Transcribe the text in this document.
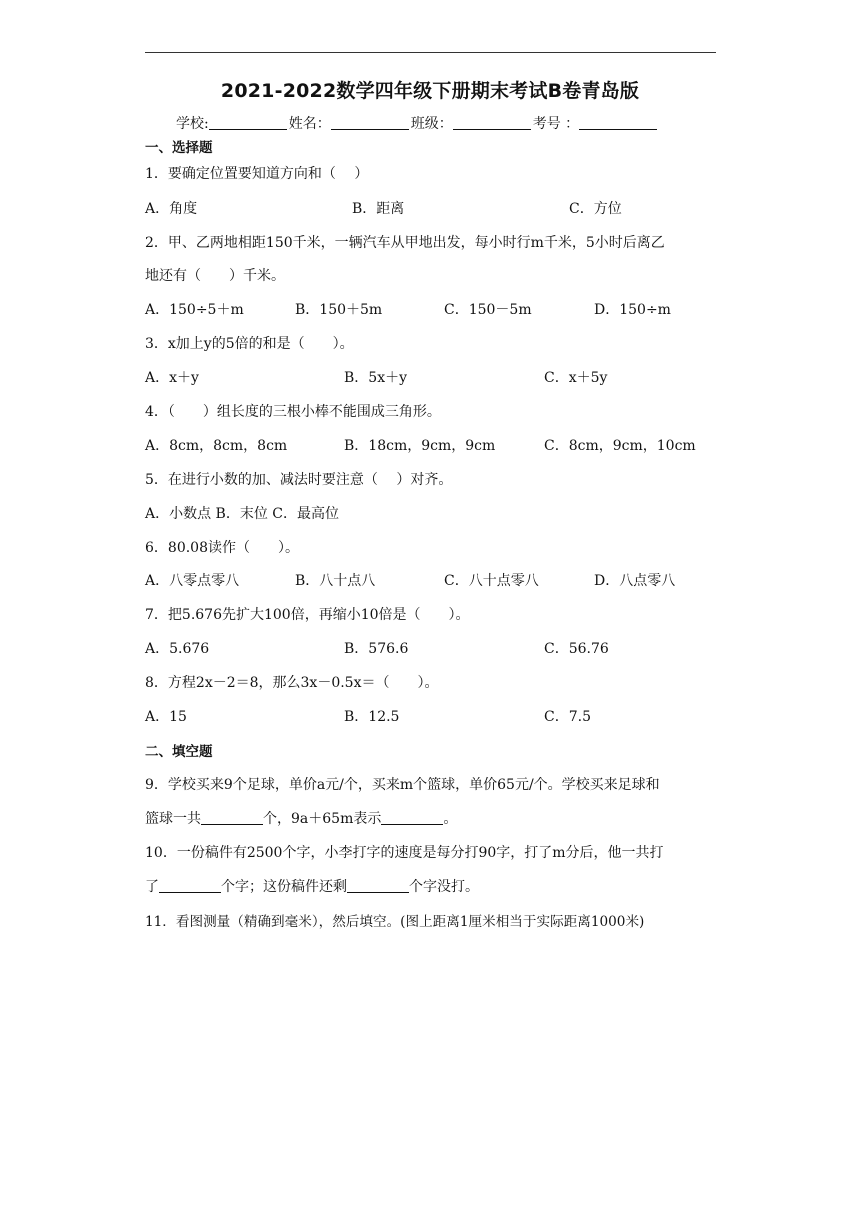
2021-2022数学四年级下册期末考试B卷青岛版
学校:	姓名：	班级：	考号 ：
一、选择题
1．要确定位置要知道方向和（　 ）
A．角度	B．距离	C．方位
2．甲、乙两地相距150千米，一辆汽车从甲地出发，每小时行m千米，5小时后离乙
地还有（　　）千米。
A．150÷5＋m	B．150＋5m	C．150－5m	D．150÷m
3．x加上y的5倍的和是（　　）。
A．x＋y	B．5x＋y	C．x＋5y
4．（　　）组长度的三根小棒不能围成三角形。
A．8cm，8cm，8cm	B．18cm，9cm，9cm	C．8cm，9cm，10cm
5．在进行小数的加、减法时要注意（　 ）对齐。
A．小数点 B．末位 C．最高位
6．80.08读作（　　）。
A．八零点零八	B．八十点八	C．八十点零八	D．八点零八
7．把5.676先扩大100倍，再缩小10倍是（　　）。
A．5.676	B．576.6	C．56.76
8．方程2x－2＝8，那么3x－0.5x＝（　　）。
A．15	B．12.5	C．7.5
二、填空题
9．学校买来9个足球，单价a元/个，买来m个篮球，单价65元/个。学校买来足球和
篮球一共	个，9a＋65m表示	。
10．一份稿件有2500个字，小李打字的速度是每分打90字，打了m分后，他一共打
了	个字；这份稿件还剩	个字没打。
11．看图测量（精确到毫米），然后填空。(图上距离1厘米相当于实际距离1000米)
